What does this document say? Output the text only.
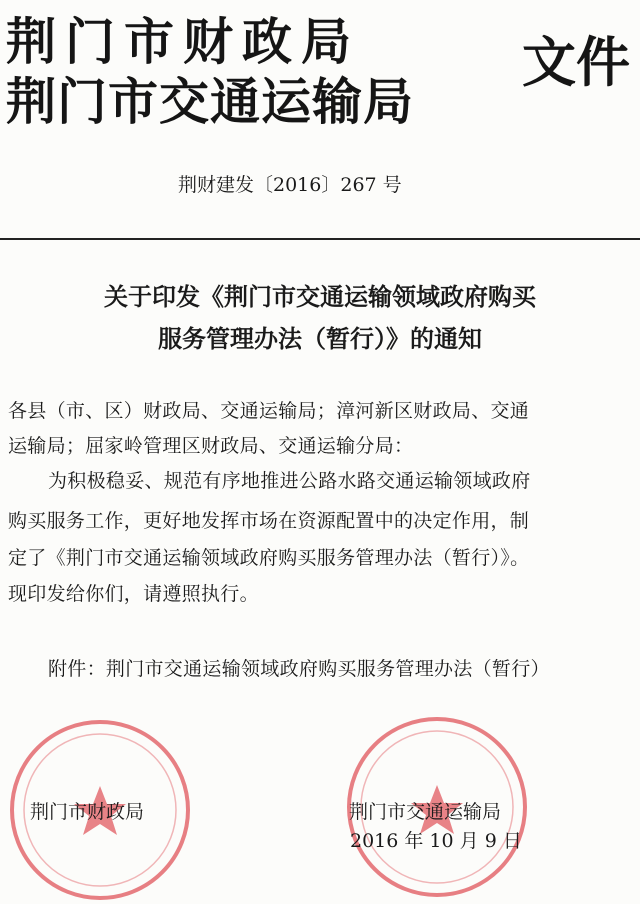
荆门市财政局
荆门市交通运输局
文件
荆财建发〔2016〕267 号
关于印发《荆门市交通运输领域政府购买
服务管理办法（暂行）》的通知
各县（市、区）财政局、交通运输局；漳河新区财政局、交通
运输局；屈家岭管理区财政局、交通运输分局：
为积极稳妥、规范有序地推进公路水路交通运输领域政府
购买服务工作，更好地发挥市场在资源配置中的决定作用，制
定了《荆门市交通运输领域政府购买服务管理办法（暂行）》。
现印发给你们，请遵照执行。
附件：荆门市交通运输领域政府购买服务管理办法（暂行）
荆门市财政局	荆门市交通运输局
2016 年 10 月 9 日
